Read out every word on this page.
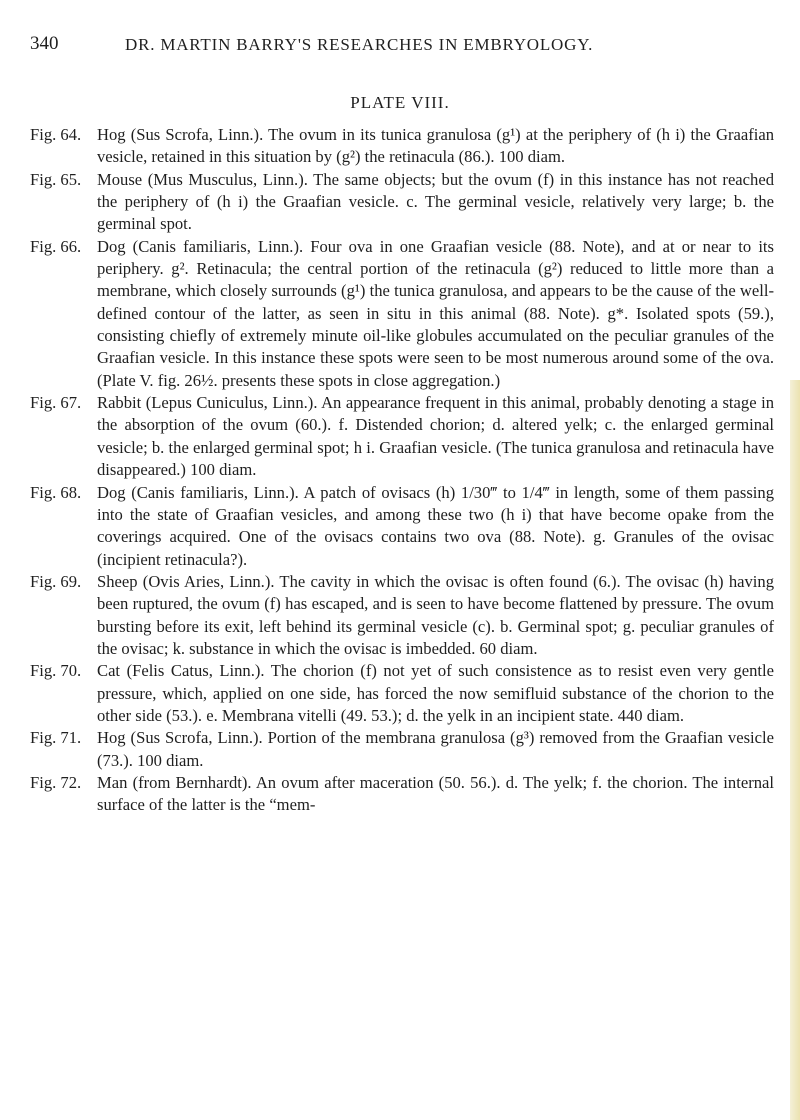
340	DR. MARTIN BARRY'S RESEARCHES IN EMBRYOLOGY.
PLATE VIII.
Fig. 64. Hog (Sus Scrofa, Linn.). The ovum in its tunica granulosa (g¹) at the periphery of (h i) the Graafian vesicle, retained in this situation by (g²) the retinacula (86.). 100 diam.
Fig. 65. Mouse (Mus Musculus, Linn.). The same objects; but the ovum (f) in this instance has not reached the periphery of (h i) the Graafian vesicle. c. The germinal vesicle, relatively very large; b. the germinal spot.
Fig. 66. Dog (Canis familiaris, Linn.). Four ova in one Graafian vesicle (88. Note), and at or near to its periphery. g². Retinacula; the central portion of the retinacula (g²) reduced to little more than a membrane, which closely surrounds (g¹) the tunica granulosa, and appears to be the cause of the well-defined contour of the latter, as seen in situ in this animal (88. Note). g*. Isolated spots (59.), consisting chiefly of extremely minute oil-like globules accumulated on the peculiar granules of the Graafian vesicle. In this instance these spots were seen to be most numerous around some of the ova. (Plate V. fig. 26½. presents these spots in close aggregation.)
Fig. 67. Rabbit (Lepus Cuniculus, Linn.). An appearance frequent in this animal, probably denoting a stage in the absorption of the ovum (60.). f. Distended chorion; d. altered yelk; c. the enlarged germinal vesicle; b. the enlarged germinal spot; h i. Graafian vesicle. (The tunica granulosa and retinacula have disappeared.) 100 diam.
Fig. 68. Dog (Canis familiaris, Linn.). A patch of ovisacs (h) 1/30‴ to 1/4‴ in length, some of them passing into the state of Graafian vesicles, and among these two (h i) that have become opake from the coverings acquired. One of the ovisacs contains two ova (88. Note). g. Granules of the ovisac (incipient retinacula?).
Fig. 69. Sheep (Ovis Aries, Linn.). The cavity in which the ovisac is often found (6.). The ovisac (h) having been ruptured, the ovum (f) has escaped, and is seen to have become flattened by pressure. The ovum bursting before its exit, left behind its germinal vesicle (c). b. Germinal spot; g. peculiar granules of the ovisac; k. substance in which the ovisac is imbedded. 60 diam.
Fig. 70. Cat (Felis Catus, Linn.). The chorion (f) not yet of such consistence as to resist even very gentle pressure, which, applied on one side, has forced the now semifluid substance of the chorion to the other side (53.). e. Membrana vitelli (49. 53.); d. the yelk in an incipient state. 440 diam.
Fig. 71. Hog (Sus Scrofa, Linn.). Portion of the membrana granulosa (g³) removed from the Graafian vesicle (73.). 100 diam.
Fig. 72. Man (from Bernhardt). An ovum after maceration (50. 56.). d. The yelk; f. the chorion. The internal surface of the latter is the “mem-
